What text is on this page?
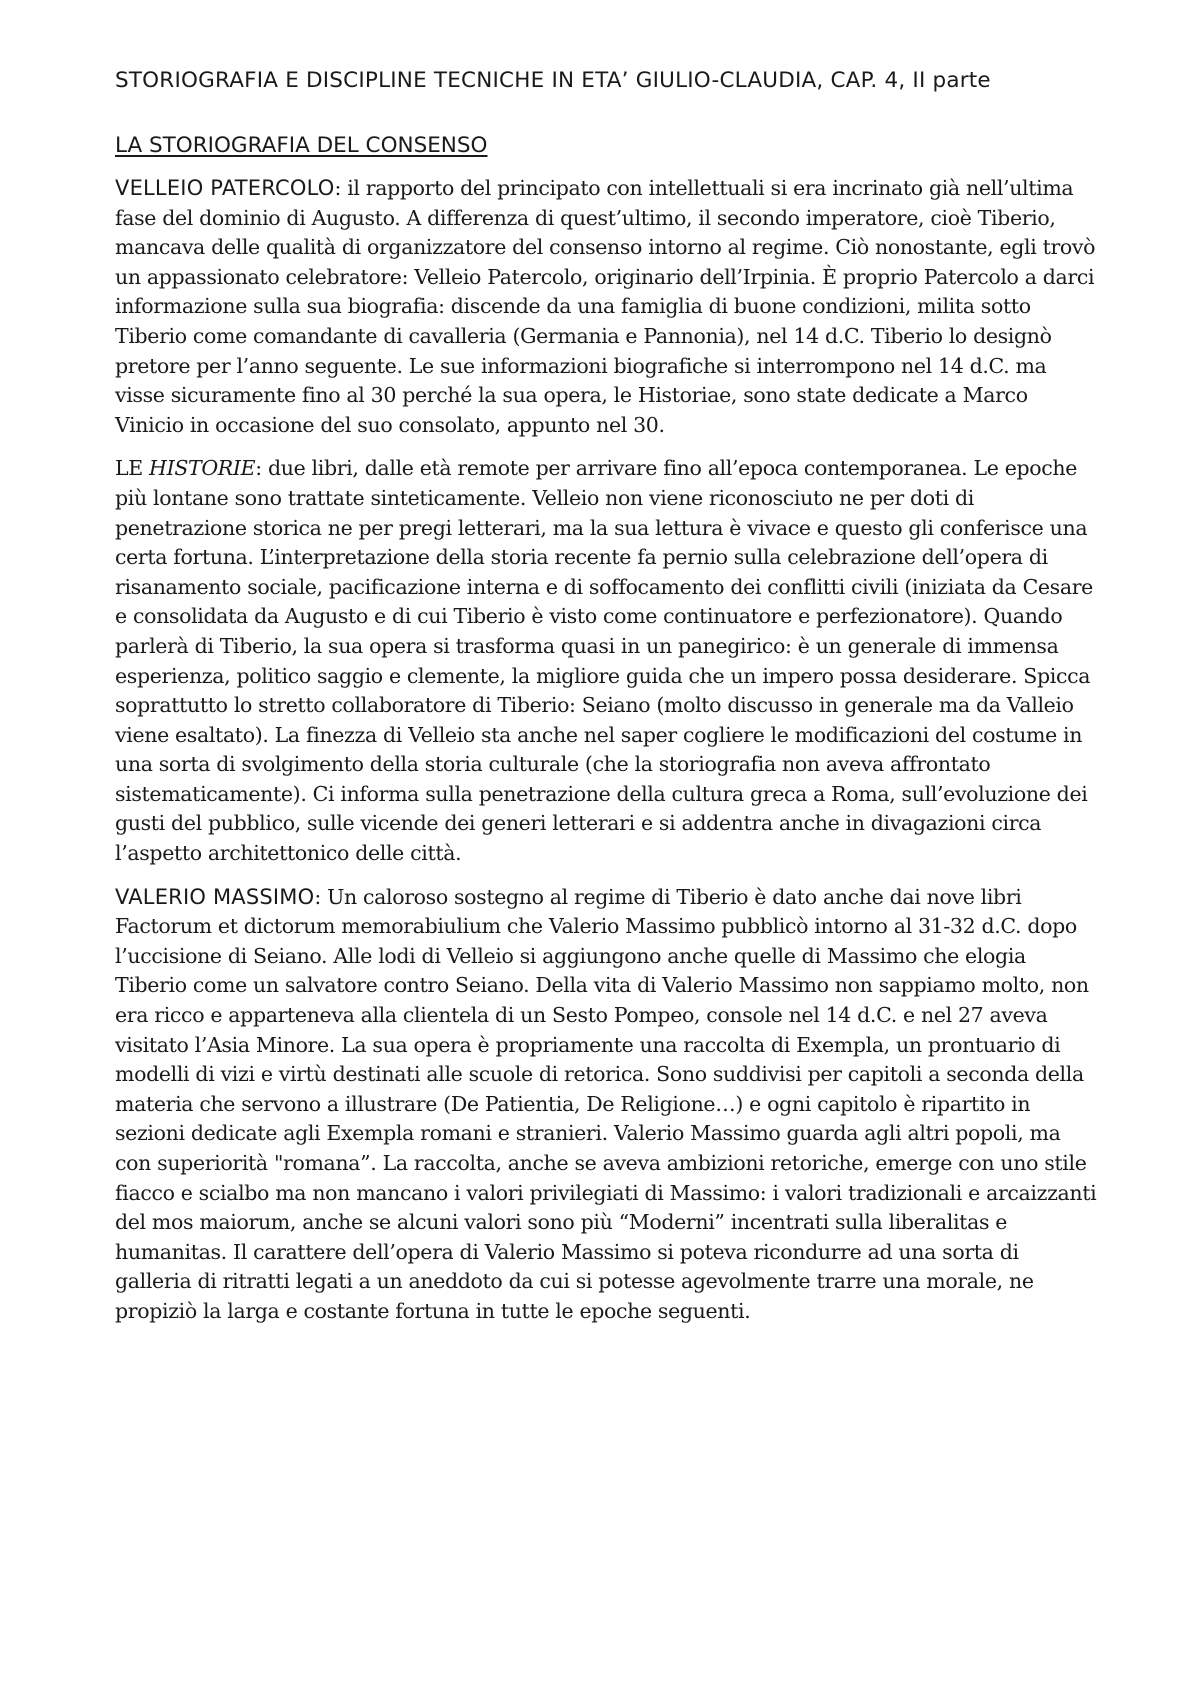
STORIOGRAFIA E DISCIPLINE TECNICHE IN ETA’ GIULIO-CLAUDIA, CAP. 4, II parte
LA STORIOGRAFIA DEL CONSENSO

VELLEIO PATERCOLO: il rapporto del principato con intellettuali si era incrinato già nell’ultima fase del dominio di Augusto. A differenza di quest’ultimo, il secondo imperatore, cioè Tiberio, mancava delle qualità di organizzatore del consenso intorno al regime. Ciò nonostante, egli trovò un appassionato celebratore: Velleio Patercolo, originario dell’Irpinia. È proprio Patercolo a darci informazione sulla sua biografia: discende da una famiglia di buone condizioni, milita sotto Tiberio come comandante di cavalleria (Germania e Pannonia), nel 14 d.C. Tiberio lo designò pretore per l’anno seguente. Le sue informazioni biografiche si interrompono nel 14 d.C. ma visse sicuramente fino al 30 perché la sua opera, le Historiae, sono state dedicate a Marco Vinicio in occasione del suo consolato, appunto nel 30.

LE HISTORIE: due libri, dalle età remote per arrivare fino all’epoca contemporanea. Le epoche più lontane sono trattate sinteticamente. Velleio non viene riconosciuto ne per doti di penetrazione storica ne per pregi letterari, ma la sua lettura è vivace e questo gli conferisce una certa fortuna. L’interpretazione della storia recente fa pernio sulla celebrazione dell’opera di risanamento sociale, pacificazione interna e di soffocamento dei conflitti civili (iniziata da Cesare e consolidata da Augusto e di cui Tiberio è visto come continuatore e perfezionatore). Quando parlerà di Tiberio, la sua opera si trasforma quasi in un panegirico: è un generale di immensa esperienza, politico saggio e clemente, la migliore guida che un impero possa desiderare. Spicca soprattutto lo stretto collaboratore di Tiberio: Seiano (molto discusso in generale ma da Valleio viene esaltato). La finezza di Velleio sta anche nel saper cogliere le modificazioni del costume in una sorta di svolgimento della storia culturale (che la storiografia non aveva affrontato sistematicamente). Ci informa sulla penetrazione della cultura greca a Roma, sull’evoluzione dei gusti del pubblico, sulle vicende dei generi letterari e si addentra anche in divagazioni circa l’aspetto architettonico delle città.

VALERIO MASSIMO: Un caloroso sostegno al regime di Tiberio è dato anche dai nove libri Factorum et dictorum memorabiulium che Valerio Massimo pubblicò intorno al 31-32 d.C. dopo l’uccisione di Seiano. Alle lodi di Velleio si aggiungono anche quelle di Massimo che elogia Tiberio come un salvatore contro Seiano. Della vita di Valerio Massimo non sappiamo molto, non era ricco e apparteneva alla clientela di un Sesto Pompeo, console nel 14 d.C. e nel 27 aveva visitato l’Asia Minore. La sua opera è propriamente una raccolta di Exempla, un prontuario di modelli di vizi e virtù destinati alle scuole di retorica. Sono suddivisi per capitoli a seconda della materia che servono a illustrare (De Patientia, De Religione…) e ogni capitolo è ripartito in sezioni dedicate agli Exempla romani e stranieri. Valerio Massimo guarda agli altri popoli, ma con superiorità "romana”. La raccolta, anche se aveva ambizioni retoriche, emerge con uno stile fiacco e scialbo ma non mancano i valori privilegiati di Massimo: i valori tradizionali e arcaizzanti del mos maiorum, anche se alcuni valori sono più “Moderni” incentrati sulla liberalitas e humanitas. Il carattere dell’opera di Valerio Massimo si poteva ricondurre ad una sorta di galleria di ritratti legati a un aneddoto da cui si potesse agevolmente trarre una morale, ne propiziò la larga e costante fortuna in tutte le epoche seguenti.
